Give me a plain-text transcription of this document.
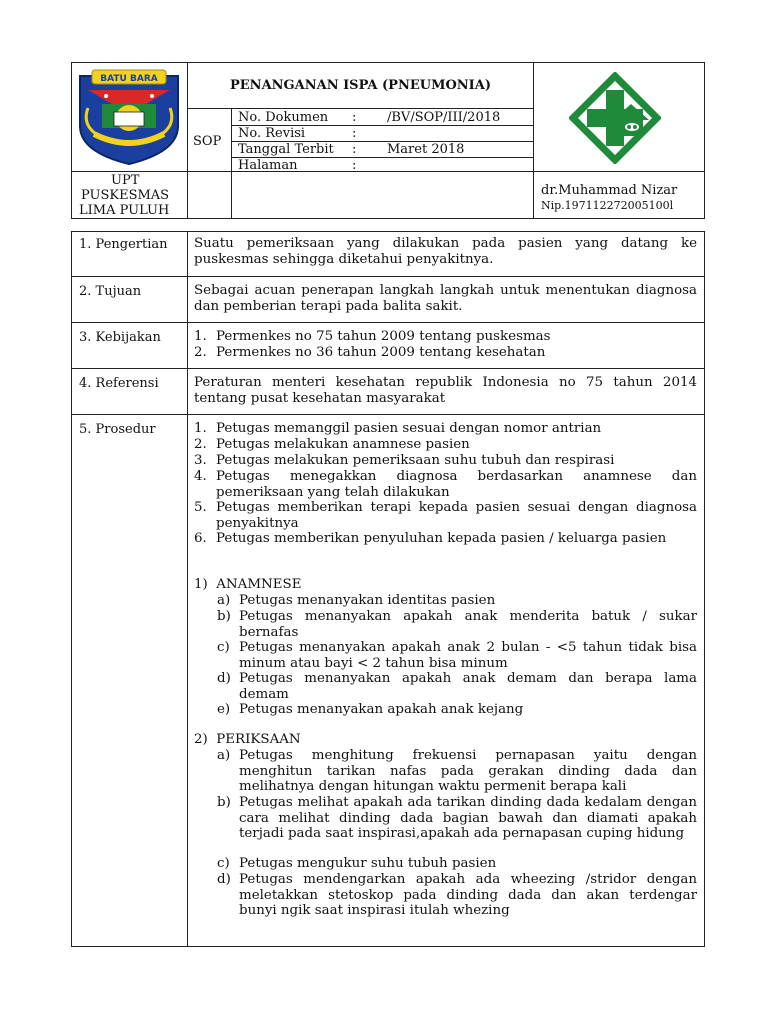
BATU BARA	PENANGANAN ISPA (PNEUMONIA)
SOP
No. Dokumen : /BV/SOP/III/2018
No. Revisi	:
Tanggal Terbit : Maret 2018
Halaman	:
UPT
PUSKESMAS
LIMA PULUH
dr.Muhammad Nizar
Nip.197112272005100l
1. Pengertian Suatu pemeriksaan yang dilakukan pada pasien yang datang ke puskesmas sehingga diketahui penyakitnya.
2. Tujuan	Sebagai acuan penerapan langkah langkah untuk menentukan diagnosa dan pemberian terapi pada balita sakit.
3. Kebijakan 1. Permenkes no 75 tahun 2009 tentang puskesmas
2. Permenkes no 36 tahun 2009 tentang kesehatan
4. Referensi	Peraturan menteri kesehatan republik Indonesia no 75 tahun 2014 tentang pusat kesehatan masyarakat
5. Prosedur	1. Petugas memanggil pasien sesuai dengan nomor antrian
2. Petugas melakukan anamnese pasien
3. Petugas melakukan pemeriksaan suhu tubuh dan respirasi
4. Petugas menegakkan diagnosa berdasarkan anamnese dan pemeriksaan yang telah dilakukan
5. Petugas memberikan terapi kepada pasien sesuai dengan diagnosa penyakitnya
6. Petugas memberikan penyuluhan kepada pasien / keluarga pasien
1)  ANAMNESE
a) Petugas menanyakan identitas pasien
b) Petugas menanyakan apakah anak menderita batuk / sukar bernafas
c) Petugas menanyakan apakah anak 2 bulan - <5 tahun tidak bisa minum atau bayi < 2 tahun bisa minum
d) Petugas menanyakan apakah anak demam dan berapa lama demam
e) Petugas menanyakan apakah anak kejang
2)  PERIKSAAN
a) Petugas menghitung frekuensi pernapasan yaitu dengan menghitun tarikan nafas pada gerakan dinding dada dan melihatnya dengan hitungan waktu permenit berapa kali
b) Petugas melihat apakah ada tarikan dinding dada kedalam dengan cara melihat dinding dada bagian bawah dan diamati apakah terjadi pada saat inspirasi,apakah ada pernapasan cuping hidung
c) Petugas mengukur suhu tubuh pasien
d) Petugas mendengarkan apakah ada wheezing /stridor dengan meletakkan stetoskop pada dinding dada dan akan terdengar bunyi ngik saat inspirasi itulah whezing
